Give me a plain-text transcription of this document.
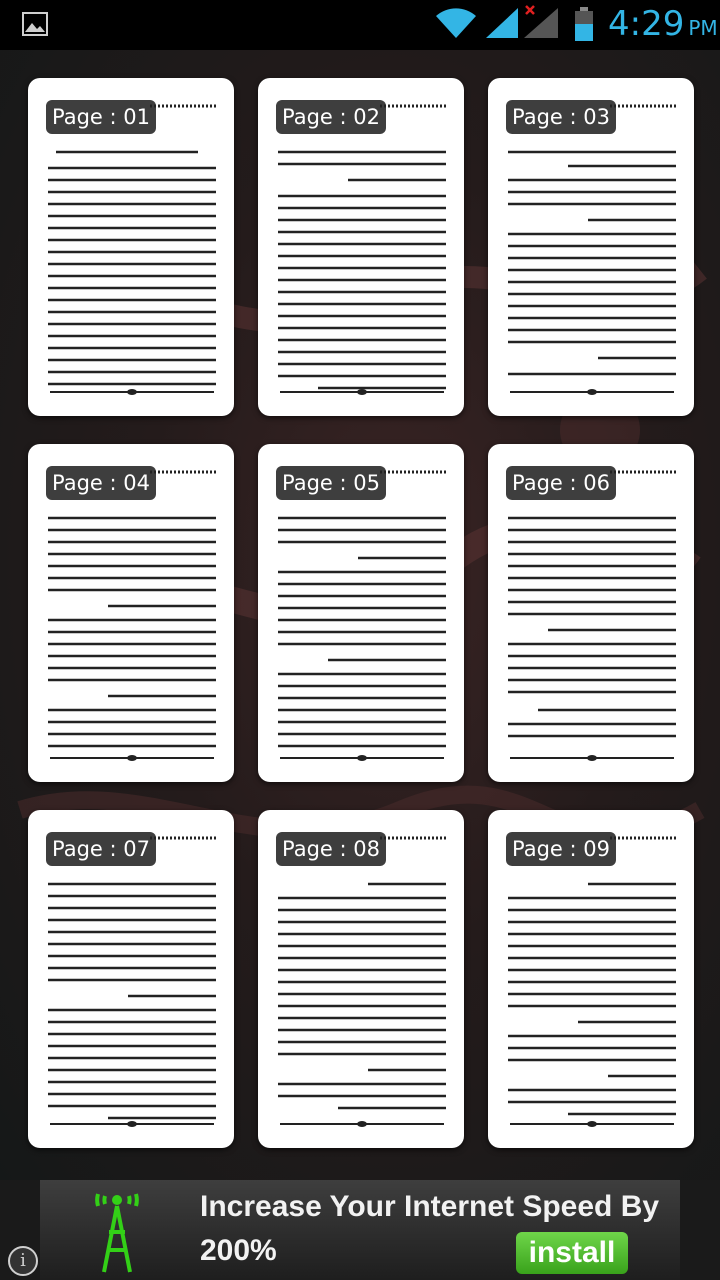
4:29 PM
Page : 01	Page : 02	Page : 03
Page : 04	Page : 05	Page : 06
Page : 07	Page : 08	Page : 09
Increase Your Internet Speed By
200%	install
i
